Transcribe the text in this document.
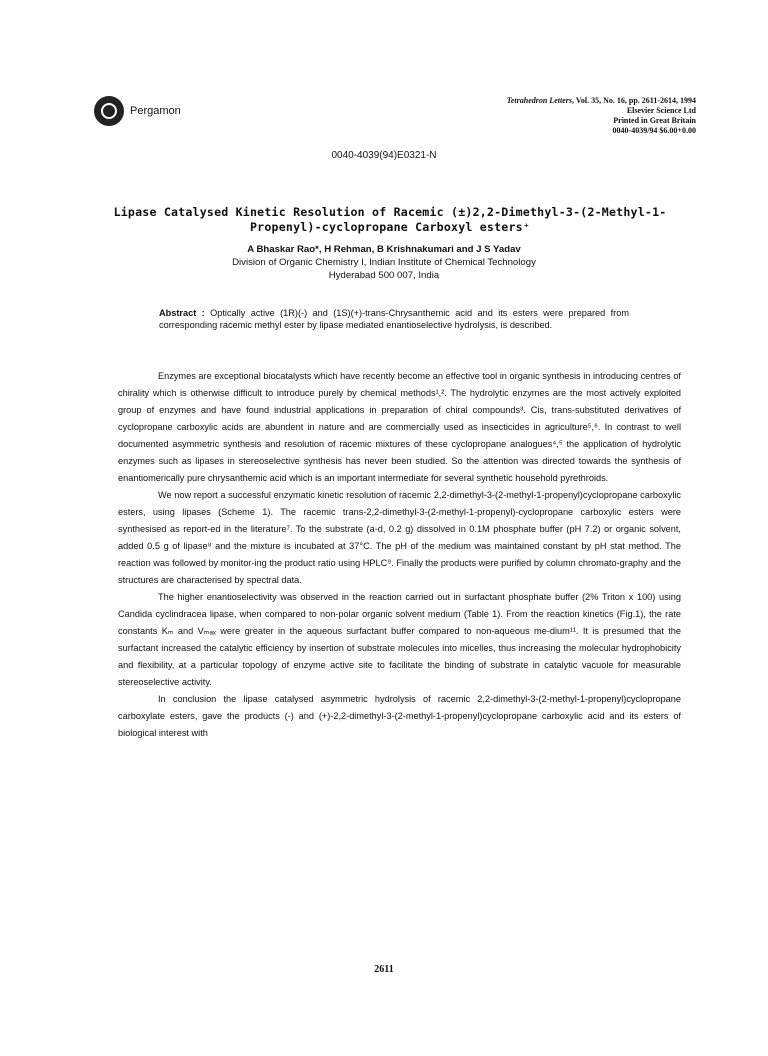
Pergamon
Tetrahedron Letters, Vol. 35, No. 16, pp. 2611-2614, 1994
Elsevier Science Ltd
Printed in Great Britain
0040-4039/94 $6.00+0.00
0040-4039(94)E0321-N
Lipase Catalysed Kinetic Resolution of Racemic (±)2,2-Dimethyl-3-(2-Methyl-1-Propenyl)-cyclopropane Carboxyl esters⁺
A Bhaskar Rao*, H Rehman, B Krishnakumari and J S Yadav
Division of Organic Chemistry I, Indian Institute of Chemical Technology
Hyderabad 500 007, India
Abstract : Optically active (1R)(-) and (1S)(+)-trans-Chrysanthemic acid and its esters were prepared from corresponding racemic methyl ester by lipase mediated enantioselective hydrolysis, is described.

Enzymes are exceptional biocatalysts which have recently become an effective tool in organic synthesis in introducing centres of chirality which is otherwise difficult to introduce purely by chemical methods¹,². The hydrolytic enzymes are the most actively exploited group of enzymes and have found industrial applications in preparation of chiral compounds³. Cis, trans-substituted derivatives of cyclopropane carboxylic acids are abundent in nature and are commercially used as insecticides in agriculture⁵,⁶. In contrast to well documented asymmetric synthesis and resolution of racemic mixtures of these cyclopropane analogues⁴,⁵ the application of hydrolytic enzymes such as lipases in stereoselective synthesis has never been studied. So the attention was directed towards the synthesis of enantiomerically pure chrysanthemic acid which is an important intermediate for several synthetic household pyrethroids.

We now report a successful enzymatic kinetic resolution of racemic 2,2-dimethyl-3-(2-methyl-1-propenyl)cyclopropane carboxylic esters, using lipases (Scheme 1). The racemic trans-2,2-dimethyl-3-(2-methyl-1-propenyl)-cyclopropane carboxylic esters were synthesised as report-ed in the literature⁷. To the substrate (a-d, 0.2 g) dissolved in 0.1M phosphate buffer (pH 7.2) or organic solvent, added 0.5 g of lipase⁸ and the mixture is incubated at 37°C. The pH of the medium was maintained constant by pH stat method. The reaction was followed by monitor-ing the product ratio using HPLC⁹. Finally the products were purified by column chromato-graphy and the structures are characterised by spectral data.

The higher enantioselectivity was observed in the reaction carried out in surfactant phosphate buffer (2% Triton x 100) using Candida cyclindracea lipase, when compared to non-polar organic solvent medium (Table 1). From the reaction kinetics (Fig.1), the rate constants Kₘ and Vₘₐₓ were greater in the aqueous surfactant buffer compared to non-aqueous me-dium¹¹. It is presumed that the surfactant increased the catalytic efficiency by insertion of substrate molecules into micelles, thus increasing the molecular hydrophobicity and flexibility, at a particular topology of enzyme active site to facilitate the binding of substrate in catalytic vacuole for measurable stereoselective activity.

In conclusion the lipase catalysed asymmetric hydrolysis of racemic 2,2-dimethyl-3-(2-methyl-1-propenyl)cyclopropane carboxylate esters, gave the products (-) and (+)-2,2-dimethyl-3-(2-methyl-1-propenyl)cyclopropane carboxylic acid and its esters of biological interest with

2611
